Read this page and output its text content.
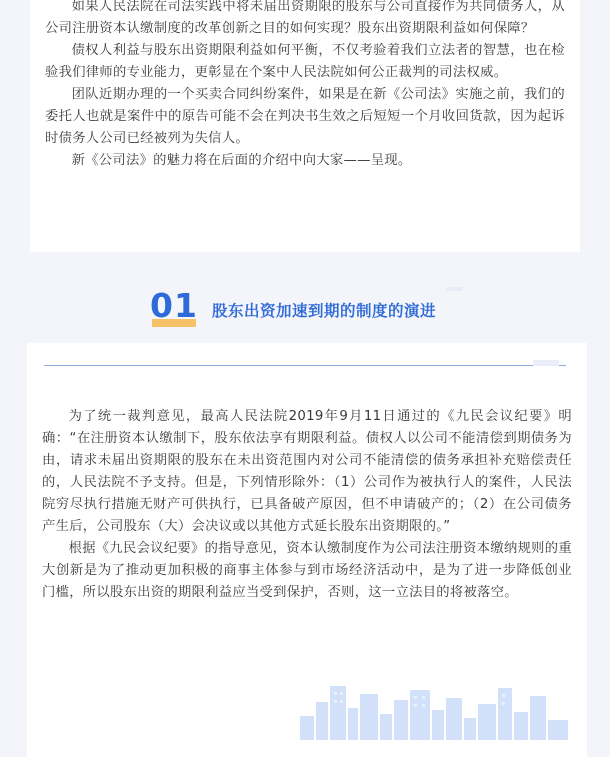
如果人民法院在司法实践中将未届出资期限的股东与公司直接作为共同债务人，从公司注册资本认缴制度的改革创新之目的如何实现？股东出资期限利益如何保障？

债权人利益与股东出资期限利益如何平衡，不仅考验着我们立法者的智慧，也在检验我们律师的专业能力，更彰显在个案中人民法院如何公正裁判的司法权威。

团队近期办理的一个买卖合同纠纷案件，如果是在新《公司法》实施之前，我们的委托人也就是案件中的原告可能不会在判决书生效之后短短一个月收回货款，因为起诉时债务人公司已经被列为失信人。

新《公司法》的魅力将在后面的介绍中向大家——呈现。

01 股东出资加速到期的制度的演进

为了统一裁判意见，最高人民法院2019年9月11日通过的《九民会议纪要》明确：“在注册资本认缴制下，股东依法享有期限利益。债权人以公司不能清偿到期债务为由，请求未届出资期限的股东在未出资范围内对公司不能清偿的债务承担补充赔偿责任的，人民法院不予支持。但是，下列情形除外：（1）公司作为被执行人的案件，人民法院穷尽执行措施无财产可供执行，已具备破产原因，但不申请破产的；（2）在公司债务产生后，公司股东（大）会决议或以其他方式延长股东出资期限的。”

根据《九民会议纪要》的指导意见，资本认缴制度作为公司法注册资本缴纳规则的重大创新是为了推动更加积极的商事主体参与到市场经济活动中，是为了进一步降低创业门槛，所以股东出资的期限利益应当受到保护，否则，这一立法目的将被落空。
